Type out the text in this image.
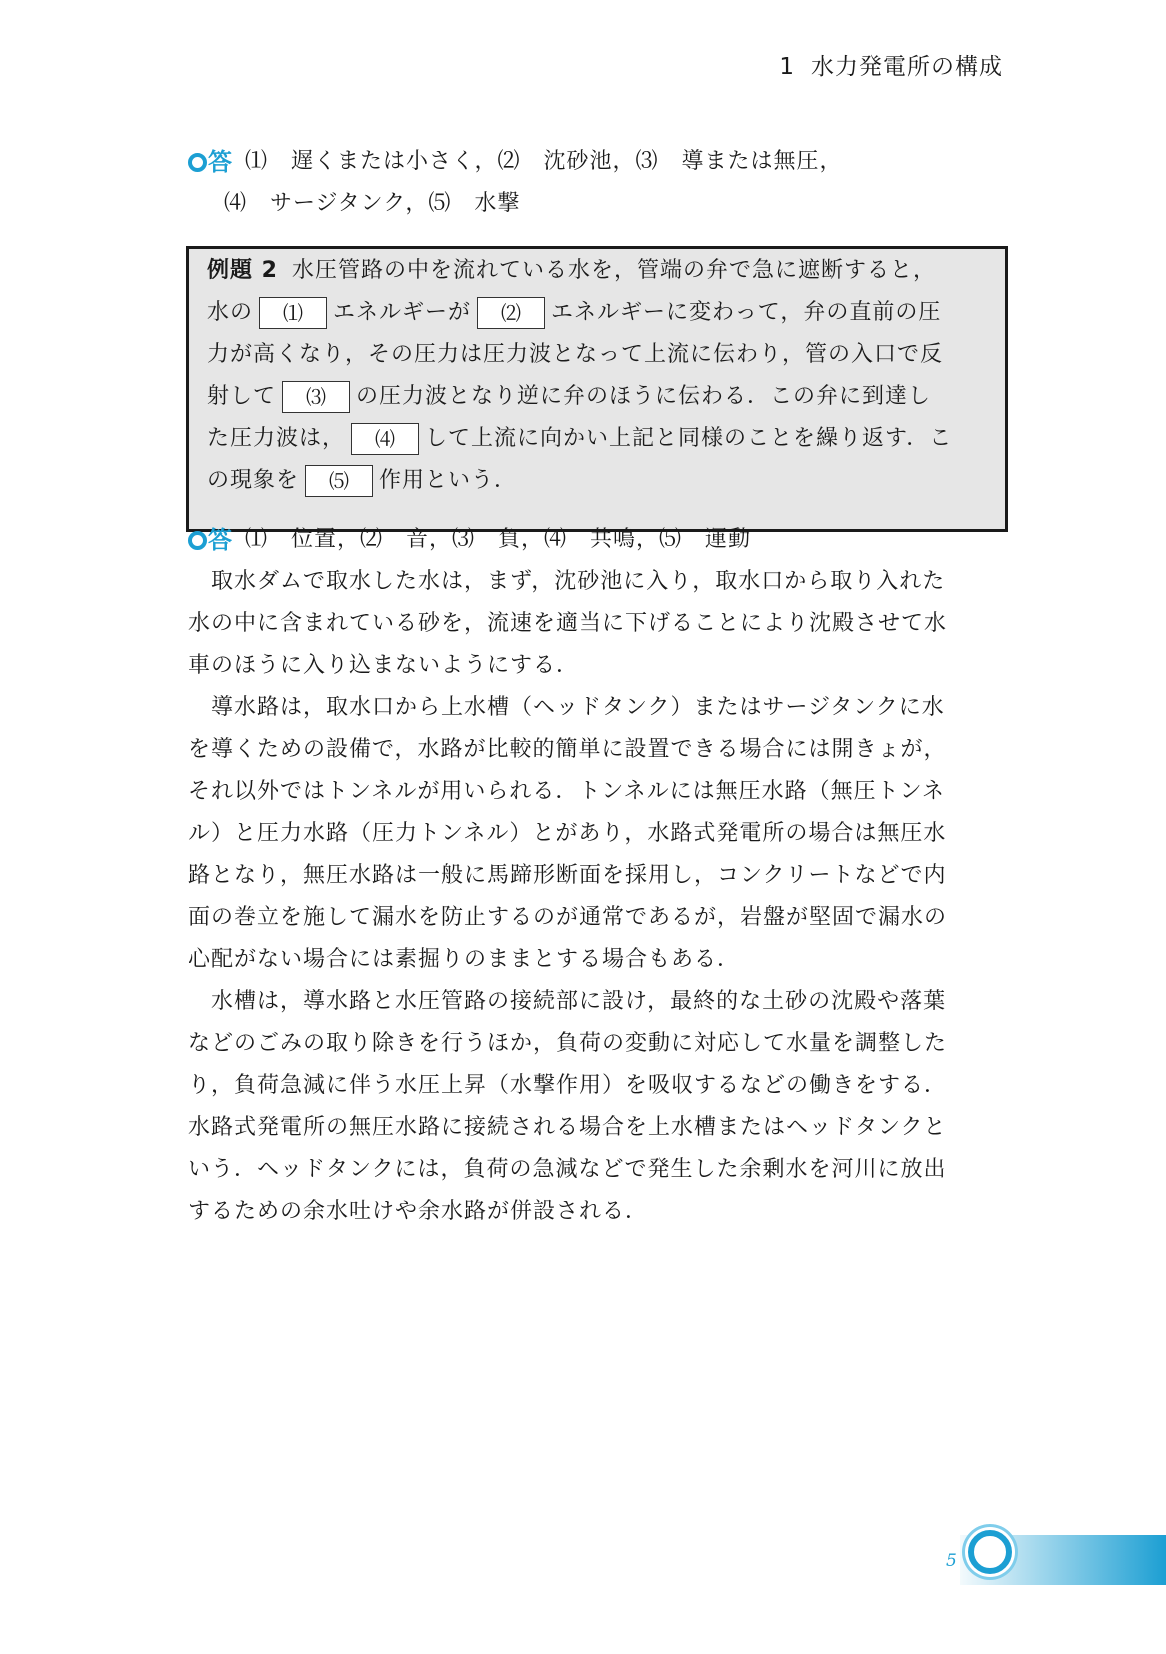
1 水力発電所の構成
答 ⑴　遅くまたは小さく，⑵　沈砂池，⑶　導または無圧，
⑷　サージタンク，⑸　水撃
例題 2 水圧管路の中を流れている水を，管端の弁で急に遮断すると，
水の ⑴ エネルギーが ⑵ エネルギーに変わって，弁の直前の圧
力が高くなり，その圧力は圧力波となって上流に伝わり，管の入口で反
射して ⑶ の圧力波となり逆に弁のほうに伝わる．この弁に到達し
た圧力波は， ⑷ して上流に向かい上記と同様のことを繰り返す．こ
の現象を ⑸ 作用という．
答 ⑴　位置，⑵　音，⑶　負，⑷　共鳴，⑸　運動
　取水ダムで取水した水は，まず，沈砂池に入り，取水口から取り入れた
水の中に含まれている砂を，流速を適当に下げることにより沈殿させて水
車のほうに入り込まないようにする．
　導水路は，取水口から上水槽（ヘッドタンク）またはサージタンクに水
を導くための設備で，水路が比較的簡単に設置できる場合には開きょが，
それ以外ではトンネルが用いられる．トンネルには無圧水路（無圧トンネ
ル）と圧力水路（圧力トンネル）とがあり，水路式発電所の場合は無圧水
路となり，無圧水路は一般に馬蹄形断面を採用し，コンクリートなどで内
面の巻立を施して漏水を防止するのが通常であるが，岩盤が堅固で漏水の
心配がない場合には素掘りのままとする場合もある．
　水槽は，導水路と水圧管路の接続部に設け，最終的な土砂の沈殿や落葉
などのごみの取り除きを行うほか，負荷の変動に対応して水量を調整した
り，負荷急減に伴う水圧上昇（水撃作用）を吸収するなどの働きをする．
水路式発電所の無圧水路に接続される場合を上水槽またはヘッドタンクと
いう．ヘッドタンクには，負荷の急減などで発生した余剰水を河川に放出
するための余水吐けや余水路が併設される．
5
